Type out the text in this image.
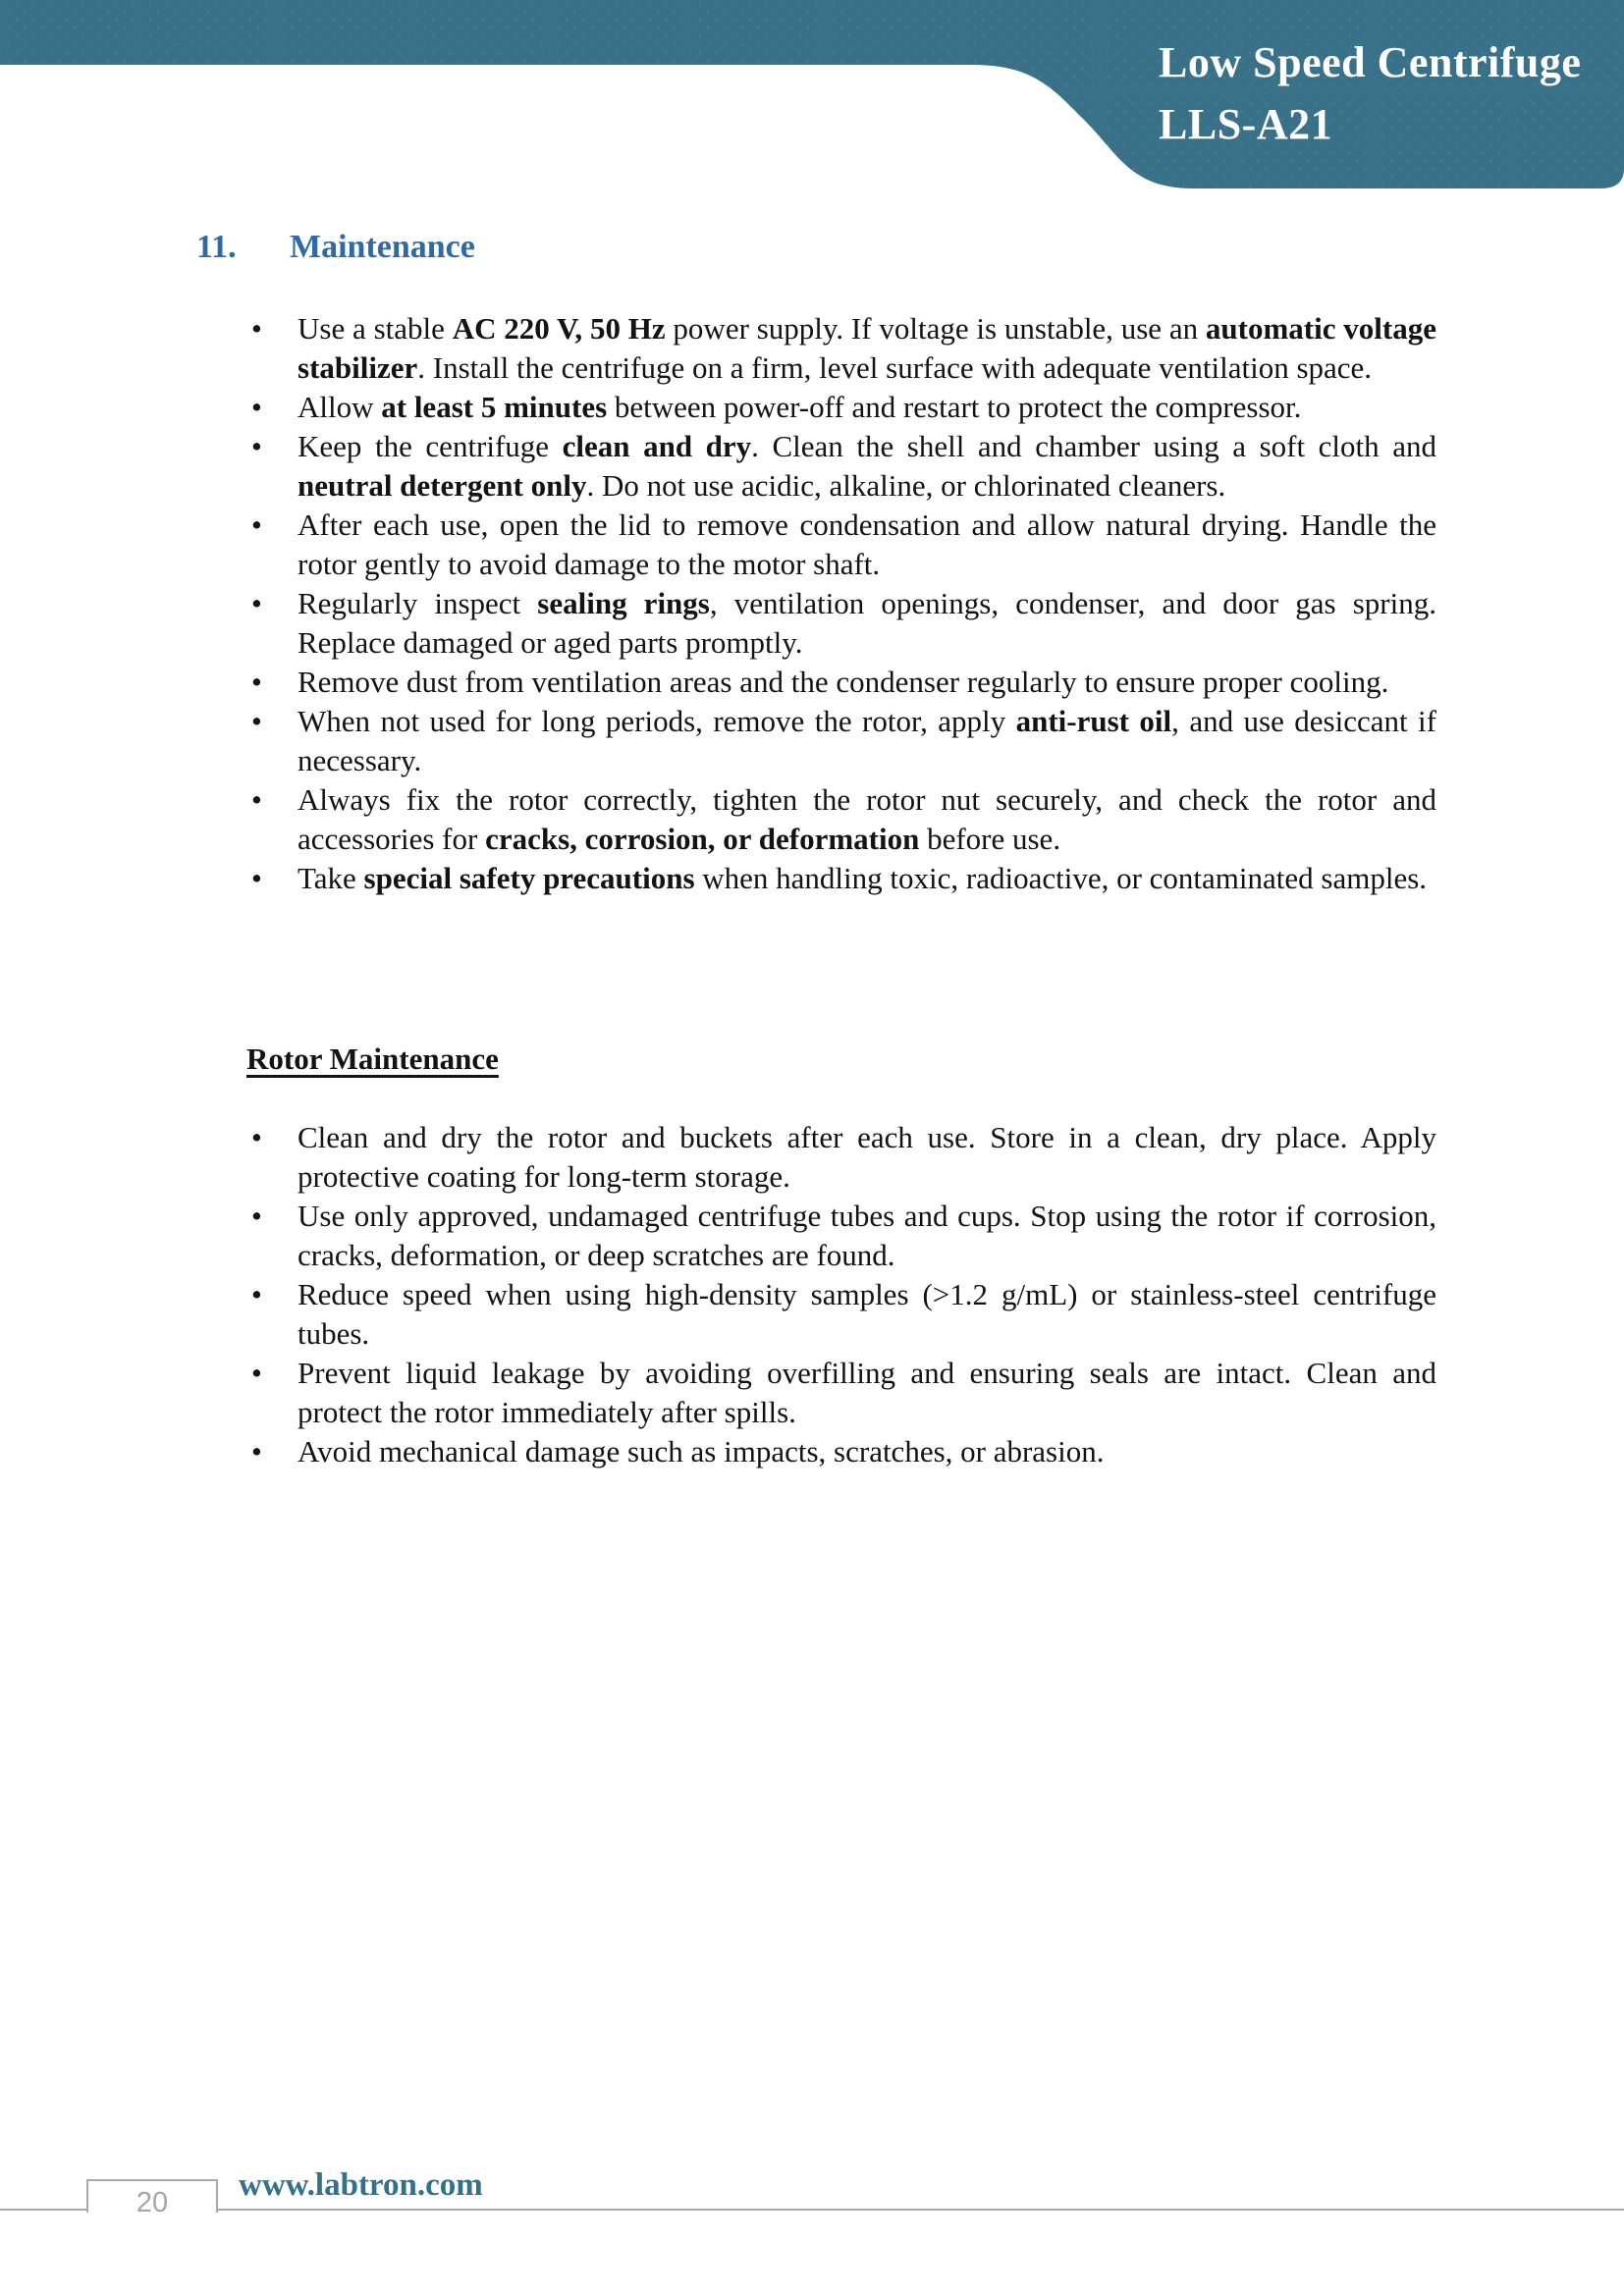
Low Speed Centrifuge
LLS-A21
11. Maintenance
• Use a stable AC 220 V, 50 Hz power supply. If voltage is unstable, use an automatic voltage stabilizer. Install the centrifuge on a firm, level surface with adequate ventilation space.
• Allow at least 5 minutes between power-off and restart to protect the compressor.
• Keep the centrifuge clean and dry. Clean the shell and chamber using a soft cloth and neutral detergent only. Do not use acidic, alkaline, or chlorinated cleaners.
• After each use, open the lid to remove condensation and allow natural drying. Handle the rotor gently to avoid damage to the motor shaft.
• Regularly inspect sealing rings, ventilation openings, condenser, and door gas spring. Replace damaged or aged parts promptly.
• Remove dust from ventilation areas and the condenser regularly to ensure proper cooling.
• When not used for long periods, remove the rotor, apply anti-rust oil, and use desiccant if necessary.
• Always fix the rotor correctly, tighten the rotor nut securely, and check the rotor and accessories for cracks, corrosion, or deformation before use.
• Take special safety precautions when handling toxic, radioactive, or contaminated samples.
Rotor Maintenance
• Clean and dry the rotor and buckets after each use. Store in a clean, dry place. Apply protective coating for long-term storage.
• Use only approved, undamaged centrifuge tubes and cups. Stop using the rotor if corrosion, cracks, deformation, or deep scratches are found.
• Reduce speed when using high-density samples (>1.2 g/mL) or stainless-steel centrifuge tubes.
• Prevent liquid leakage by avoiding overfilling and ensuring seals are intact. Clean and protect the rotor immediately after spills.
• Avoid mechanical damage such as impacts, scratches, or abrasion.
20	www.labtron.com
